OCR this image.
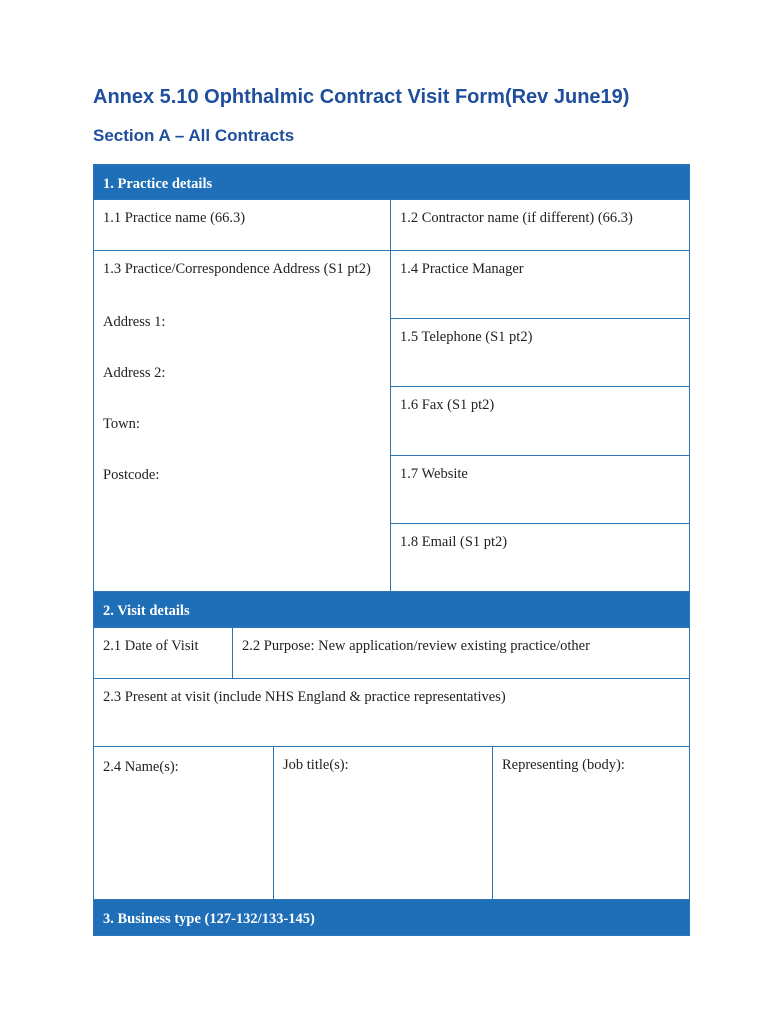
Annex 5.10 Ophthalmic Contract Visit Form(Rev June19)
Section A – All Contracts
1. Practice details
1.1 Practice name (66.3)	1.2 Contractor name (if different) (66.3)
1.3 Practice/Correspondence Address (S1 pt2)
Address 1:
Address 2:
Town:
Postcode:
1.4 Practice Manager
1.5 Telephone (S1 pt2)
1.6 Fax (S1 pt2)
1.7 Website
1.8 Email (S1 pt2)
2. Visit details
2.1 Date of Visit	2.2 Purpose: New application/review existing practice/other
2.3 Present at visit (include NHS England & practice representatives)
2.4 Name(s):	Job title(s):	Representing (body):
3. Business type (127-132/133-145)
